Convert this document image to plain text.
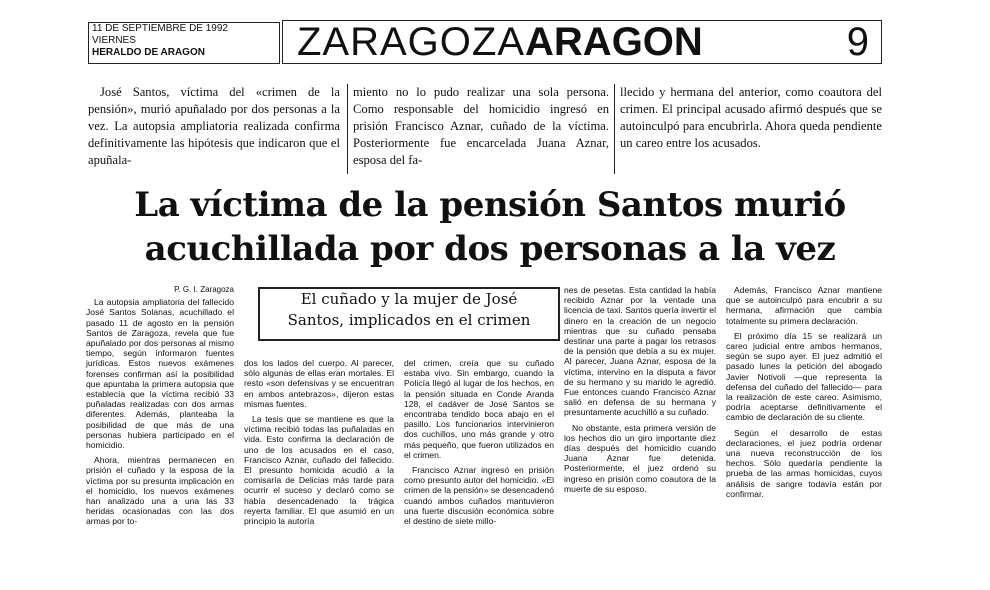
11 DE SEPTIEMBRE DE 1992
VIERNES
HERALDO DE ARAGON	ZARAGOZAARAGON	9

José Santos, víctima del «crimen de la pensión», murió apuñalado por dos personas a la vez. La autopsia ampliatoria realizada confirma definitivamente las hipótesis que indicaron que el apuñala-

miento no lo pudo realizar una sola persona. Como responsable del homicidio ingresó en prisión Francisco Aznar, cuñado de la víctima. Posteriormente fue encarcelada Juana Aznar, esposa del fa-

llecido y hermana del anterior, como coautora del crimen. El principal acusado afirmó después que se autoinculpó para encubrirla. Ahora queda pendiente un careo entre los acusados.

La víctima de la pensión Santos murió
acuchillada por dos personas a la vez
El cuñado y la mujer de José
Santos, implicados en el crimen

P. G. I. Zaragoza

La autopsia ampliatoria del fallecido José Santos Solanas, acuchillado el pasado 11 de agosto en la pensión Santos de Zaragoza, revela que fue apuñalado por dos personas al mismo tiempo, según informaron fuentes jurídicas. Estos nuevos exámenes forenses confirman así la posibilidad que apuntaba la primera autopsia que establecía que la víctima recibió 33 puñaladas realizadas con dos armas diferentes. Además, planteaba la posibilidad de que más de una personas hubiera participado en el homicidio.

Ahora, mientras permanecen en prisión el cuñado y la esposa de la víctima por su presunta implicación en el homicidio, los nuevos exámenes han analizado una a una las 33 heridas ocasionadas con las dos armas por to-

dos los lados del cuerpo. Al parecer, sólo algunas de ellas eran mortales. El resto «son defensivas y se encuentran en ambos antebrazos», dijeron estas mismas fuentes.

La tesis que se mantiene es que la víctima recibió todas las puñaladas en vida. Esto confirma la declaración de uno de los acusados en el caso, Francisco Aznar, cuñado del fallecido. El presunto homicida acudió a la comisaría de Delicias más tarde para ocurrir el suceso y declaró como se había desencadenado la trágica reyerta familiar. El que asumió en un principio la autoría

del crimen, creía que su cuñado estaba vivo. Sin embargo, cuando la Policía llegó al lugar de los hechos, en la pensión situada en Conde Aranda 128, el cadáver de José Santos se encontraba tendido boca abajo en el pasillo. Los funcionarios intervinieron dos cuchillos, uno más grande y otro más pequeño, que fueron utilizados en el crimen.

Francisco Aznar ingresó en prisión como presunto autor del homicidio. «El crimen de la pensión» se desencadenó cuando ambos cuñados mantuvieron una fuerte discusión económica sobre el destino de siete millo-

nes de pesetas. Esta cantidad la había recibido Aznar por la ventade una licencia de taxi. Santos quería invertir el dinero en la creación de un negocio mientras que su cuñado pensaba destinar una parte a pagar los retrasos de la pensión que debía a su ex mujer. Al parecer, Juana Aznar, esposa de la víctima, intervino en la disputa a favor de su hermano y su marido le agredió. Fue entonces cuando Francisco Aznar salió en defensa de su hermana y presuntamente acuchilló a su cuñado.

No obstante, esta primera versión de los hechos dio un giro importante diez días después del homicidio cuando Juana Aznar fue detenida. Posteriormente, el juez ordenó su ingreso en prisión como coautora de la muerte de su esposo.

Además, Francisco Aznar mantiene que se autoinculpó para encubrir a su hermana, afirmación que cambia totalmente su primera declaración.

El próximo día 15 se realizará un careo judicial entre ambos hermanos, según se supo ayer. El juez admitió el pasado lunes la petición del abogado Javier Notivoli —que representa la defensa del cuñado del fallecido— para la realización de este careo. Asimismo, podría aceptarse definitivamente el cambio de declaración de su cliente.

Según el desarrollo de estas declaraciones, el juez podría ordenar una nueva reconstrucción de los hechos. Sólo quedaría pendiente la prueba de las armas homicidas, cuyos análisis de sangre todavía están por confirmar.
